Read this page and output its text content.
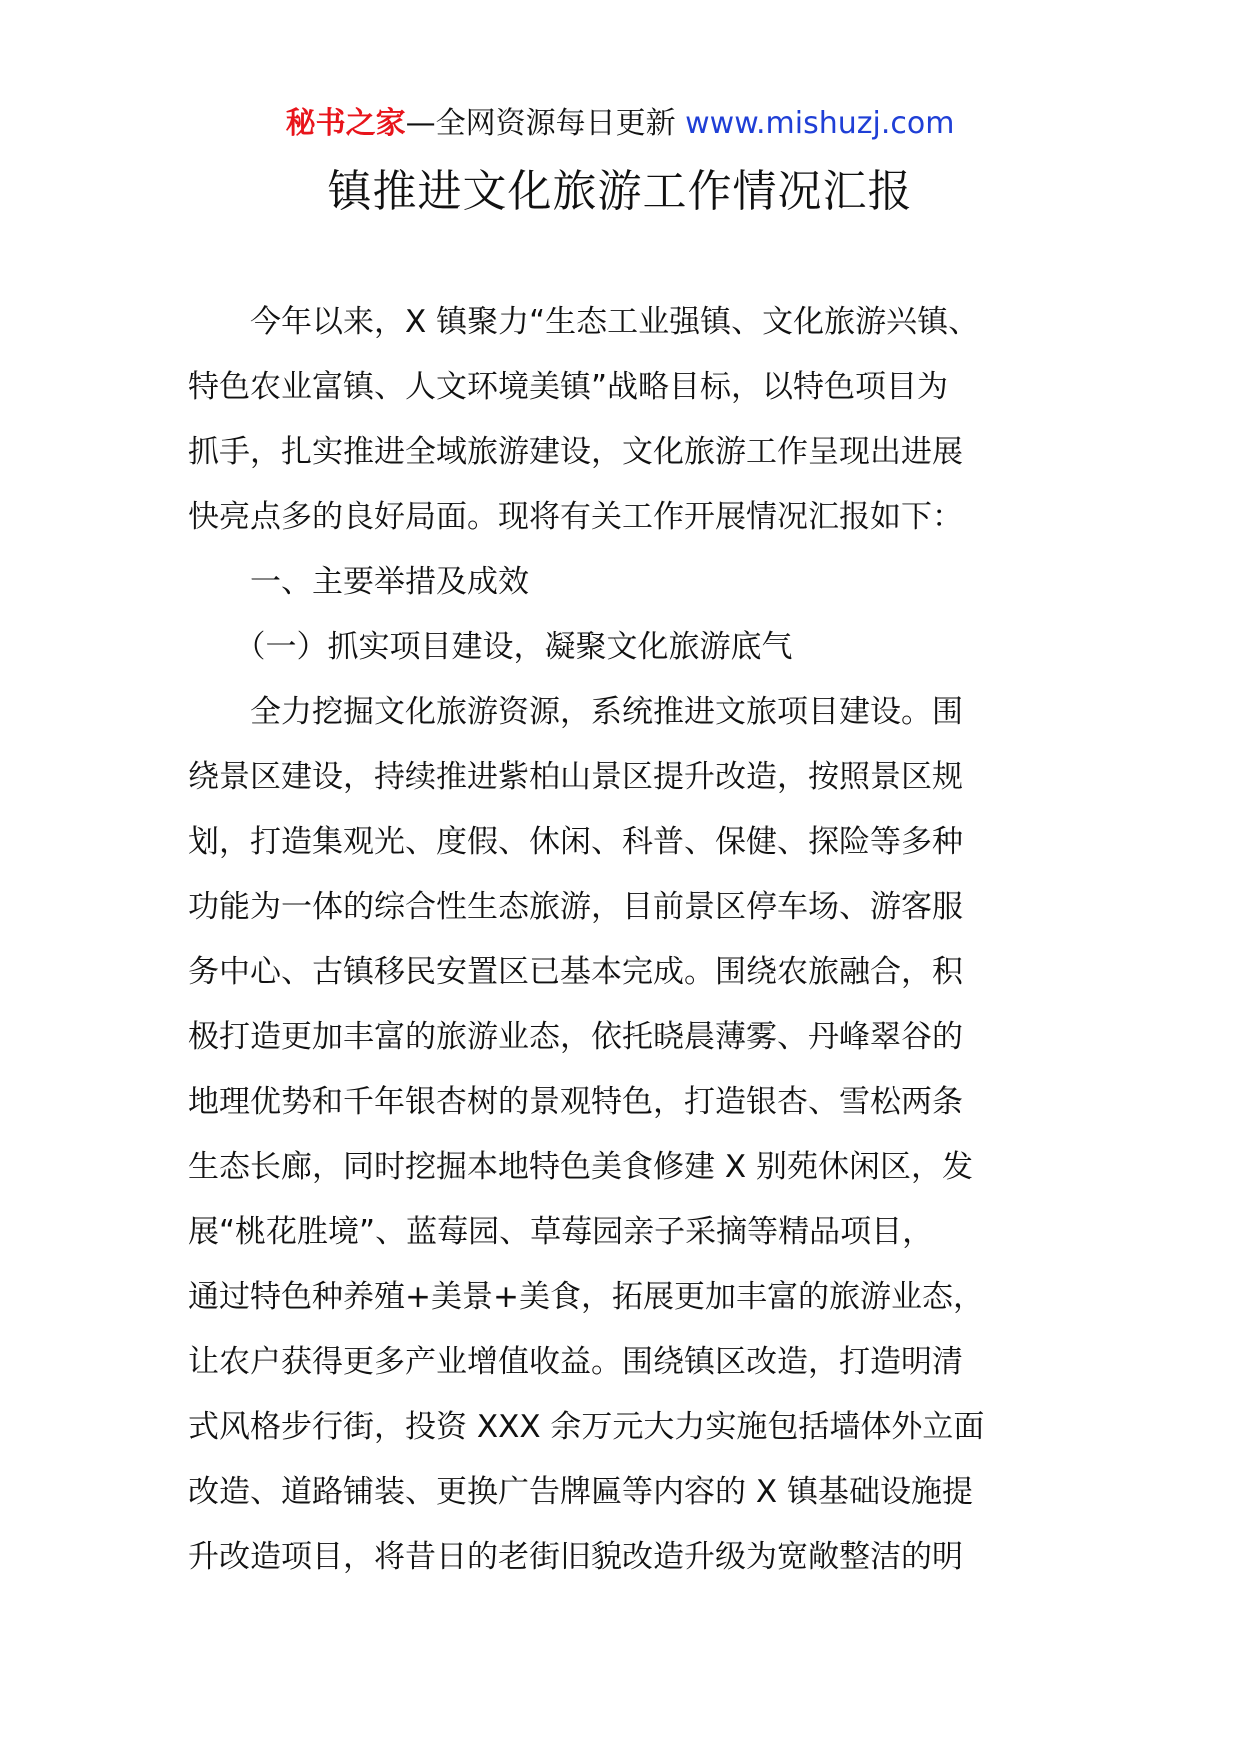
秘书之家—全网资源每日更新 www.mishuzj.com
镇推进文化旅游工作情况汇报
　　今年以来，X 镇聚力“生态工业强镇、文化旅游兴镇、
特色农业富镇、人文环境美镇”战略目标，以特色项目为
抓手，扎实推进全域旅游建设，文化旅游工作呈现出进展
快亮点多的良好局面。现将有关工作开展情况汇报如下：
　　一、主要举措及成效
　　（一）抓实项目建设，凝聚文化旅游底气
　　全力挖掘文化旅游资源，系统推进文旅项目建设。围
绕景区建设，持续推进紫柏山景区提升改造，按照景区规
划，打造集观光、度假、休闲、科普、保健、探险等多种
功能为一体的综合性生态旅游，目前景区停车场、游客服
务中心、古镇移民安置区已基本完成。围绕农旅融合，积
极打造更加丰富的旅游业态，依托晓晨薄雾、丹峰翠谷的
地理优势和千年银杏树的景观特色，打造银杏、雪松两条
生态长廊，同时挖掘本地特色美食修建 X 别苑休闲区，发
展“桃花胜境”、蓝莓园、草莓园亲子采摘等精品项目，
通过特色种养殖+美景+美食，拓展更加丰富的旅游业态，
让农户获得更多产业增值收益。围绕镇区改造，打造明清
式风格步行街，投资 XXX 余万元大力实施包括墙体外立面
改造、道路铺装、更换广告牌匾等内容的 X 镇基础设施提
升改造项目，将昔日的老街旧貌改造升级为宽敞整洁的明
